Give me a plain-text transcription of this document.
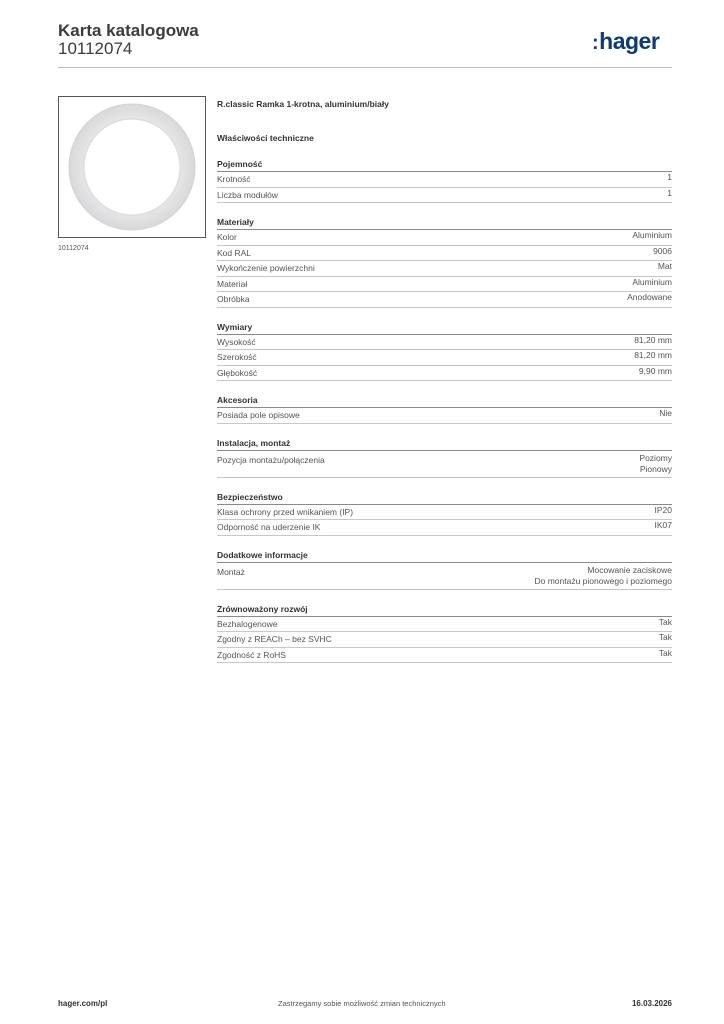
Karta katalogowa
10112074	:hager
10112074
R.classic Ramka 1-krotna, aluminium/biały
Właściwości techniczne
Pojemność
Krotność	1
Liczba modułów	1
Materiały
Kolor	Aluminium
Kod RAL	9006
Wykończenie powierzchni	Mat
Materiał	Aluminium
Obróbka	Anodowane
Wymiary
Wysokość	81,20 mm
Szerokość	81,20 mm
Głębokość	9,90 mm
Akcesoria
Posiada pole opisowe	Nie
Instalacja, montaż
Pozycja montażu/połączenia	Poziomy
Pionowy
Bezpieczeństwo
Klasa ochrony przed wnikaniem (IP)	IP20
Odporność na uderzenie IK	IK07
Dodatkowe informacje
Montaż	Mocowanie zaciskowe
Do montażu pionowego i poziomego
Zrównoważony rozwój
Bezhalogenowe	Tak
Zgodny z REACh – bez SVHC	Tak
Zgodność z RoHS	Tak
hager.com/pl	Zastrzegamy sobie możliwość zmian technicznych	16.03.2026
